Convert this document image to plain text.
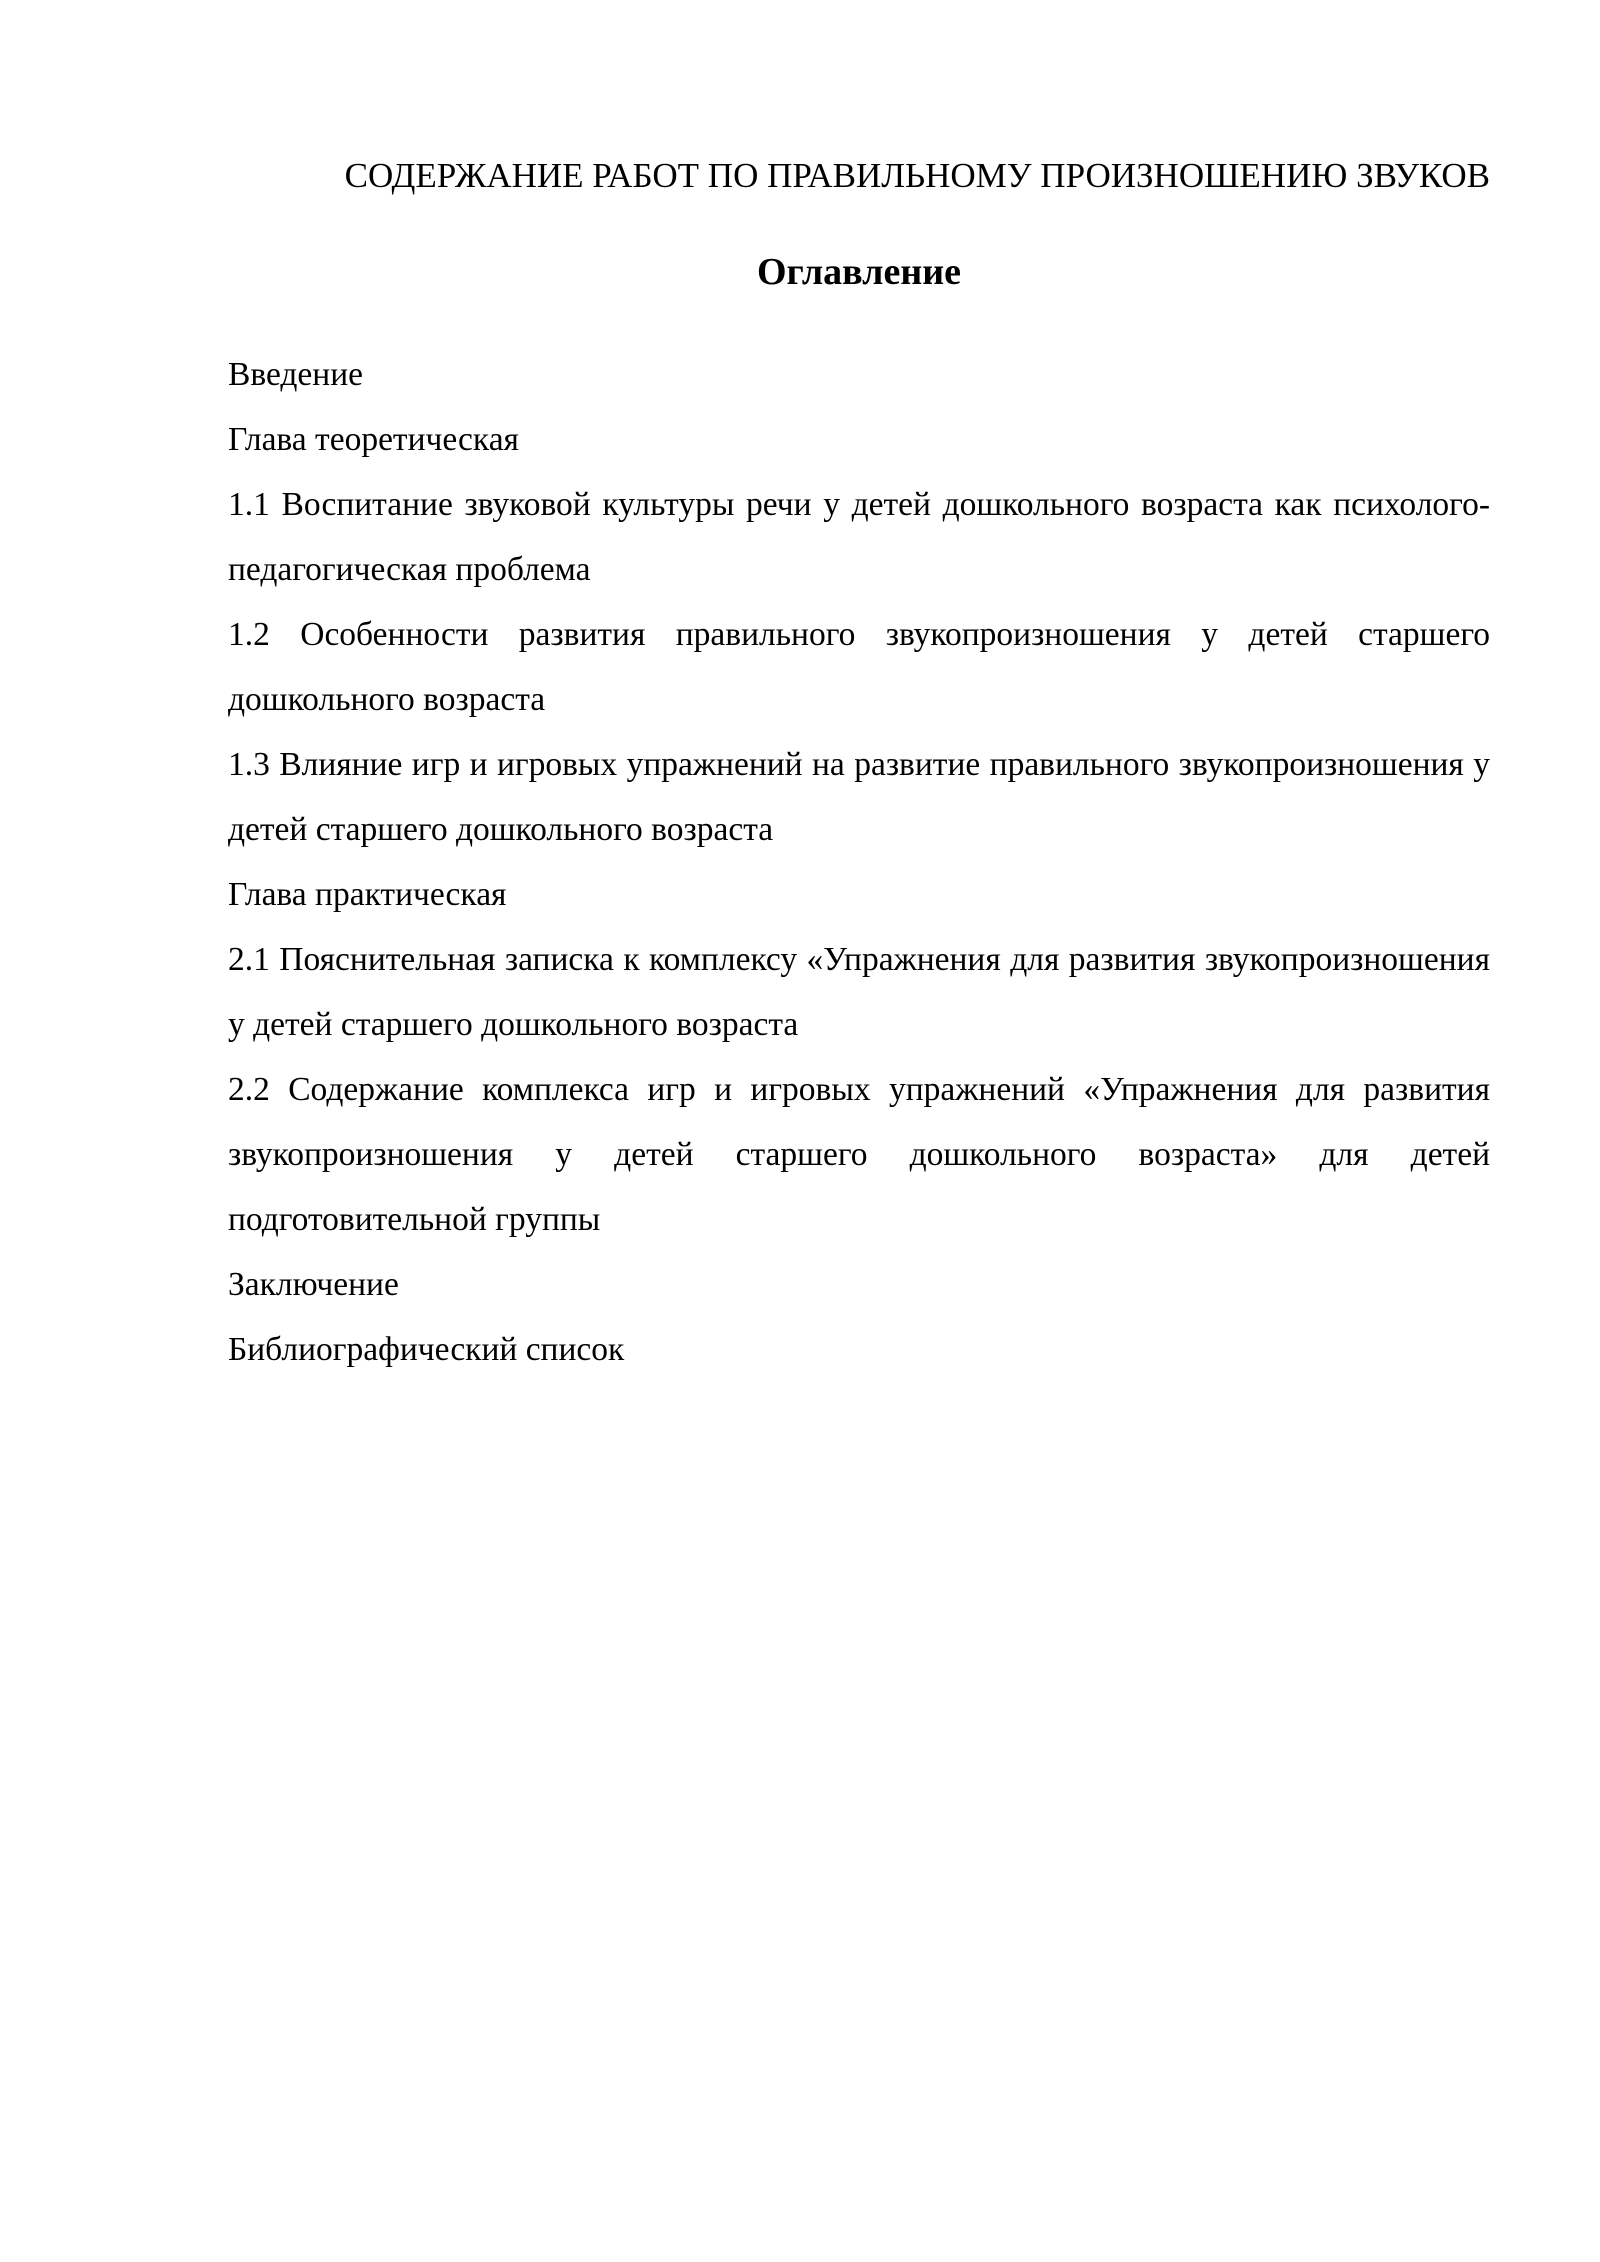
СОДЕРЖАНИЕ РАБОТ ПО ПРАВИЛЬНОМУ ПРОИЗНОШЕНИЮ ЗВУКОВ
Оглавление
Введение
Глава теоретическая
1.1 Воспитание звуковой культуры речи у детей дошкольного возраста как психолого-педагогическая проблема
1.2 Особенности развития правильного звукопроизношения у детей старшего дошкольного возраста
1.3 Влияние игр и игровых упражнений на развитие правильного звукопроизношения у детей старшего дошкольного возраста
Глава практическая
2.1 Пояснительная записка к комплексу «Упражнения для развития звукопроизношения у детей старшего дошкольного возраста
2.2 Содержание комплекса игр и игровых упражнений «Упражнения для развития звукопроизношения у детей старшего дошкольного возраста» для детей подготовительной группы
Заключение
Библиографический список
